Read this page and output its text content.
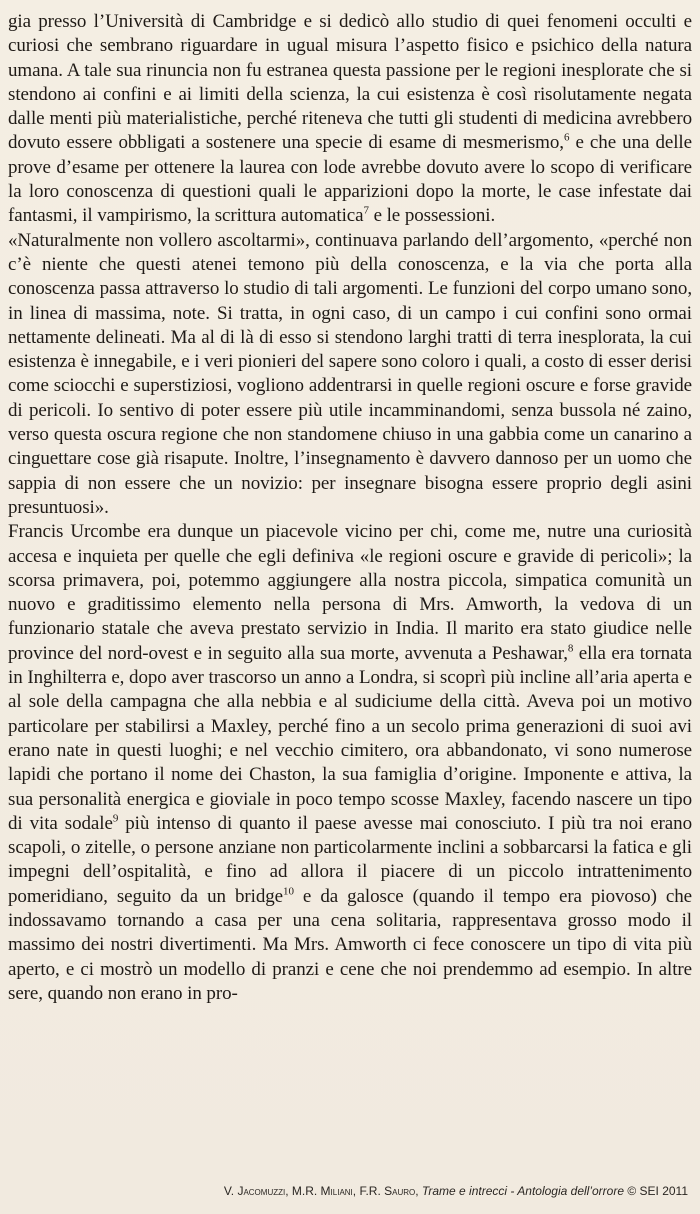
gia presso l’Università di Cambridge e si dedicò allo studio di quei fenomeni occulti e curiosi che sembrano riguardare in ugual misura l’aspetto fisico e psichico della natura umana. A tale sua rinuncia non fu estranea questa passione per le regioni inesplorate che si stendono ai confini e ai limiti della scienza, la cui esistenza è così risolutamente negata dalle menti più materialistiche, perché riteneva che tutti gli studenti di medicina avrebbero dovuto essere obbligati a sostenere una specie di esame di mesmerismo,$^6$ e che una delle prove d’esame per ottenere la laurea con lode avrebbe dovuto avere lo scopo di verificare la loro conoscenza di questioni quali le apparizioni dopo la morte, le case infestate dai fantasmi, il vampirismo, la scrittura automatica$^7$ e le possessioni.

«Naturalmente non vollero ascoltarmi», continuava parlando dell’argomento, «perché non c’è niente che questi atenei temono più della conoscenza, e la via che porta alla conoscenza passa attraverso lo studio di tali argomenti. Le funzioni del corpo umano sono, in linea di massima, note. Si tratta, in ogni caso, di un campo i cui confini sono ormai nettamente delineati. Ma al di là di esso si stendono larghi tratti di terra inesplorata, la cui esistenza è innegabile, e i veri pionieri del sapere sono coloro i quali, a costo di esser derisi come sciocchi e superstiziosi, vogliono addentrarsi in quelle regioni oscure e forse gravide di pericoli. Io sentivo di poter essere più utile incamminandomi, senza bussola né zaino, verso questa oscura regione che non standomene chiuso in una gabbia come un canarino a cinguettare cose già risapute. Inoltre, l’insegnamento è davvero dannoso per un uomo che sappia di non essere che un novizio: per insegnare bisogna essere proprio degli asini presuntuosi».

Francis Urcombe era dunque un piacevole vicino per chi, come me, nutre una curiosità accesa e inquieta per quelle che egli definiva «le regioni oscure e gravide di pericoli»; la scorsa primavera, poi, potemmo aggiungere alla nostra piccola, simpatica comunità un nuovo e graditissimo elemento nella persona di Mrs. Amworth, la vedova di un funzionario statale che aveva prestato servizio in India. Il marito era stato giudice nelle province del nord-ovest e in seguito alla sua morte, avvenuta a Peshawar,$^8$ ella era tornata in Inghilterra e, dopo aver trascorso un anno a Londra, si scoprì più incline all’aria aperta e al sole della campagna che alla nebbia e al sudiciume della città. Aveva poi un motivo particolare per stabilirsi a Maxley, perché fino a un secolo prima generazioni di suoi avi erano nate in questi luoghi; e nel vecchio cimitero, ora abbandonato, vi sono numerose lapidi che portano il nome dei Chaston, la sua famiglia d’origine. Imponente e attiva, la sua personalità energica e gioviale in poco tempo scosse Maxley, facendo nascere un tipo di vita sodale$^9$ più intenso di quanto il paese avesse mai conosciuto. I più tra noi erano scapoli, o zitelle, o persone anziane non particolarmente inclini a sobbarcarsi la fatica e gli impegni dell’ospitalità, e fino ad allora il piacere di un piccolo intrattenimento pomeridiano, seguito da un bridge$^{10}$ e da galosce (quando il tempo era piovoso) che indossavamo tornando a casa per una cena solitaria, rappresentava grosso modo il massimo dei nostri divertimenti. Ma Mrs. Amworth ci fece conoscere un tipo di vita più aperto, e ci mostrò un modello di pranzi e cene che noi prendemmo ad esempio. In altre sere, quando non erano in pro-

V. Jacomuzzi, M.R. Miliani, F.R. Sauro, Trame e intrecci - Antologia dell’orrore © SEI 2011
